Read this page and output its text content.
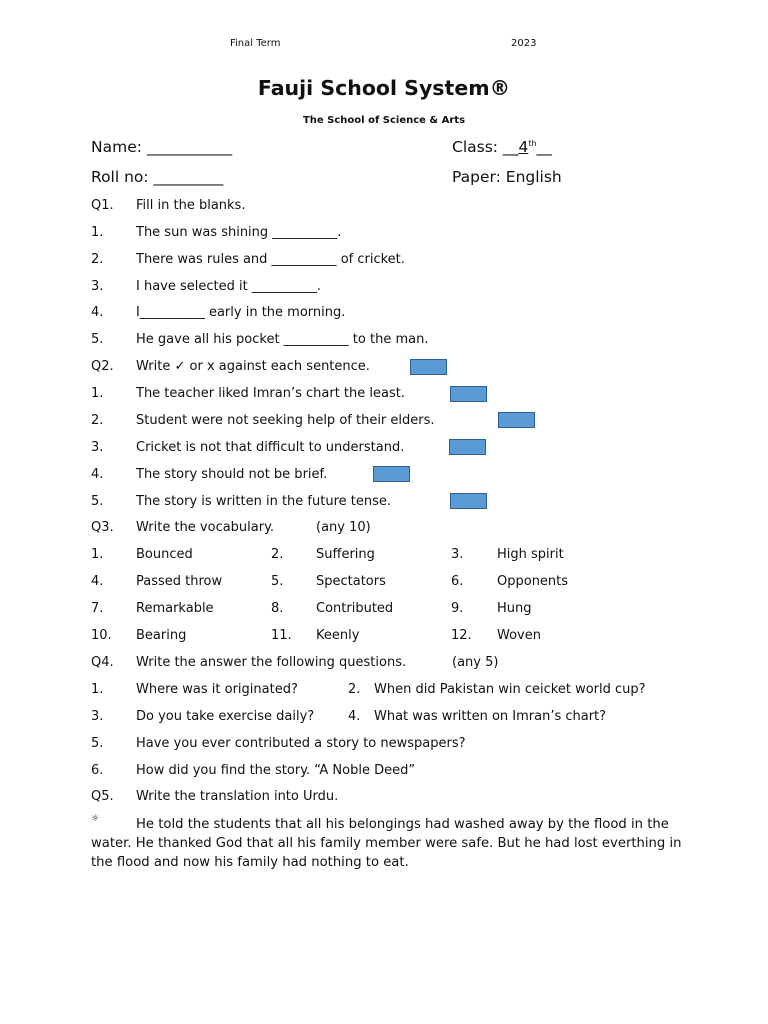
Final Term	2023
Fauji School System®
The School of Science & Arts
Name: ___________	Class: __4th__
Roll no: _________	Paper: English
Q1. Fill in the blanks.
1.	The sun was shining __________.
2.	There was rules and __________ of cricket.
3.	I have selected it __________.
4.	I__________ early in the morning.
5.	He gave all his pocket __________ to the man.
Q2. Write ✓ or x against each sentence.
1.	The teacher liked Imran’s chart the least.
2.	Student were not seeking help of their elders.
3.	Cricket is not that difficult to understand.
4.	The story should not be brief.
5.	The story is written in the future tense.
Q3. Write the vocabulary.	(any 10)
1.	Bounced	2.	Suffering	3.	High spirit
4.	Passed throw	5.	Spectators	6.	Opponents
7.	Remarkable	8.	Contributed	9.	Hung
10. Bearing	11. Keenly	12. Woven
Q4. Write the answer the following questions.	(any 5)
1.	Where was it originated?	2. When did Pakistan win ceicket world cup?
3.	Do you take exercise daily?	4. What was written on Imran’s chart?
5.	Have you ever contributed a story to newspapers?
6.	How did you find the story. “A Noble Deed”
Q5. Write the translation into Urdu.
☼	He told the students that all his belongings had washed away by the flood in the water. He thanked God that all his family member were safe. But he had lost everthing in the flood and now his family had nothing to eat.
